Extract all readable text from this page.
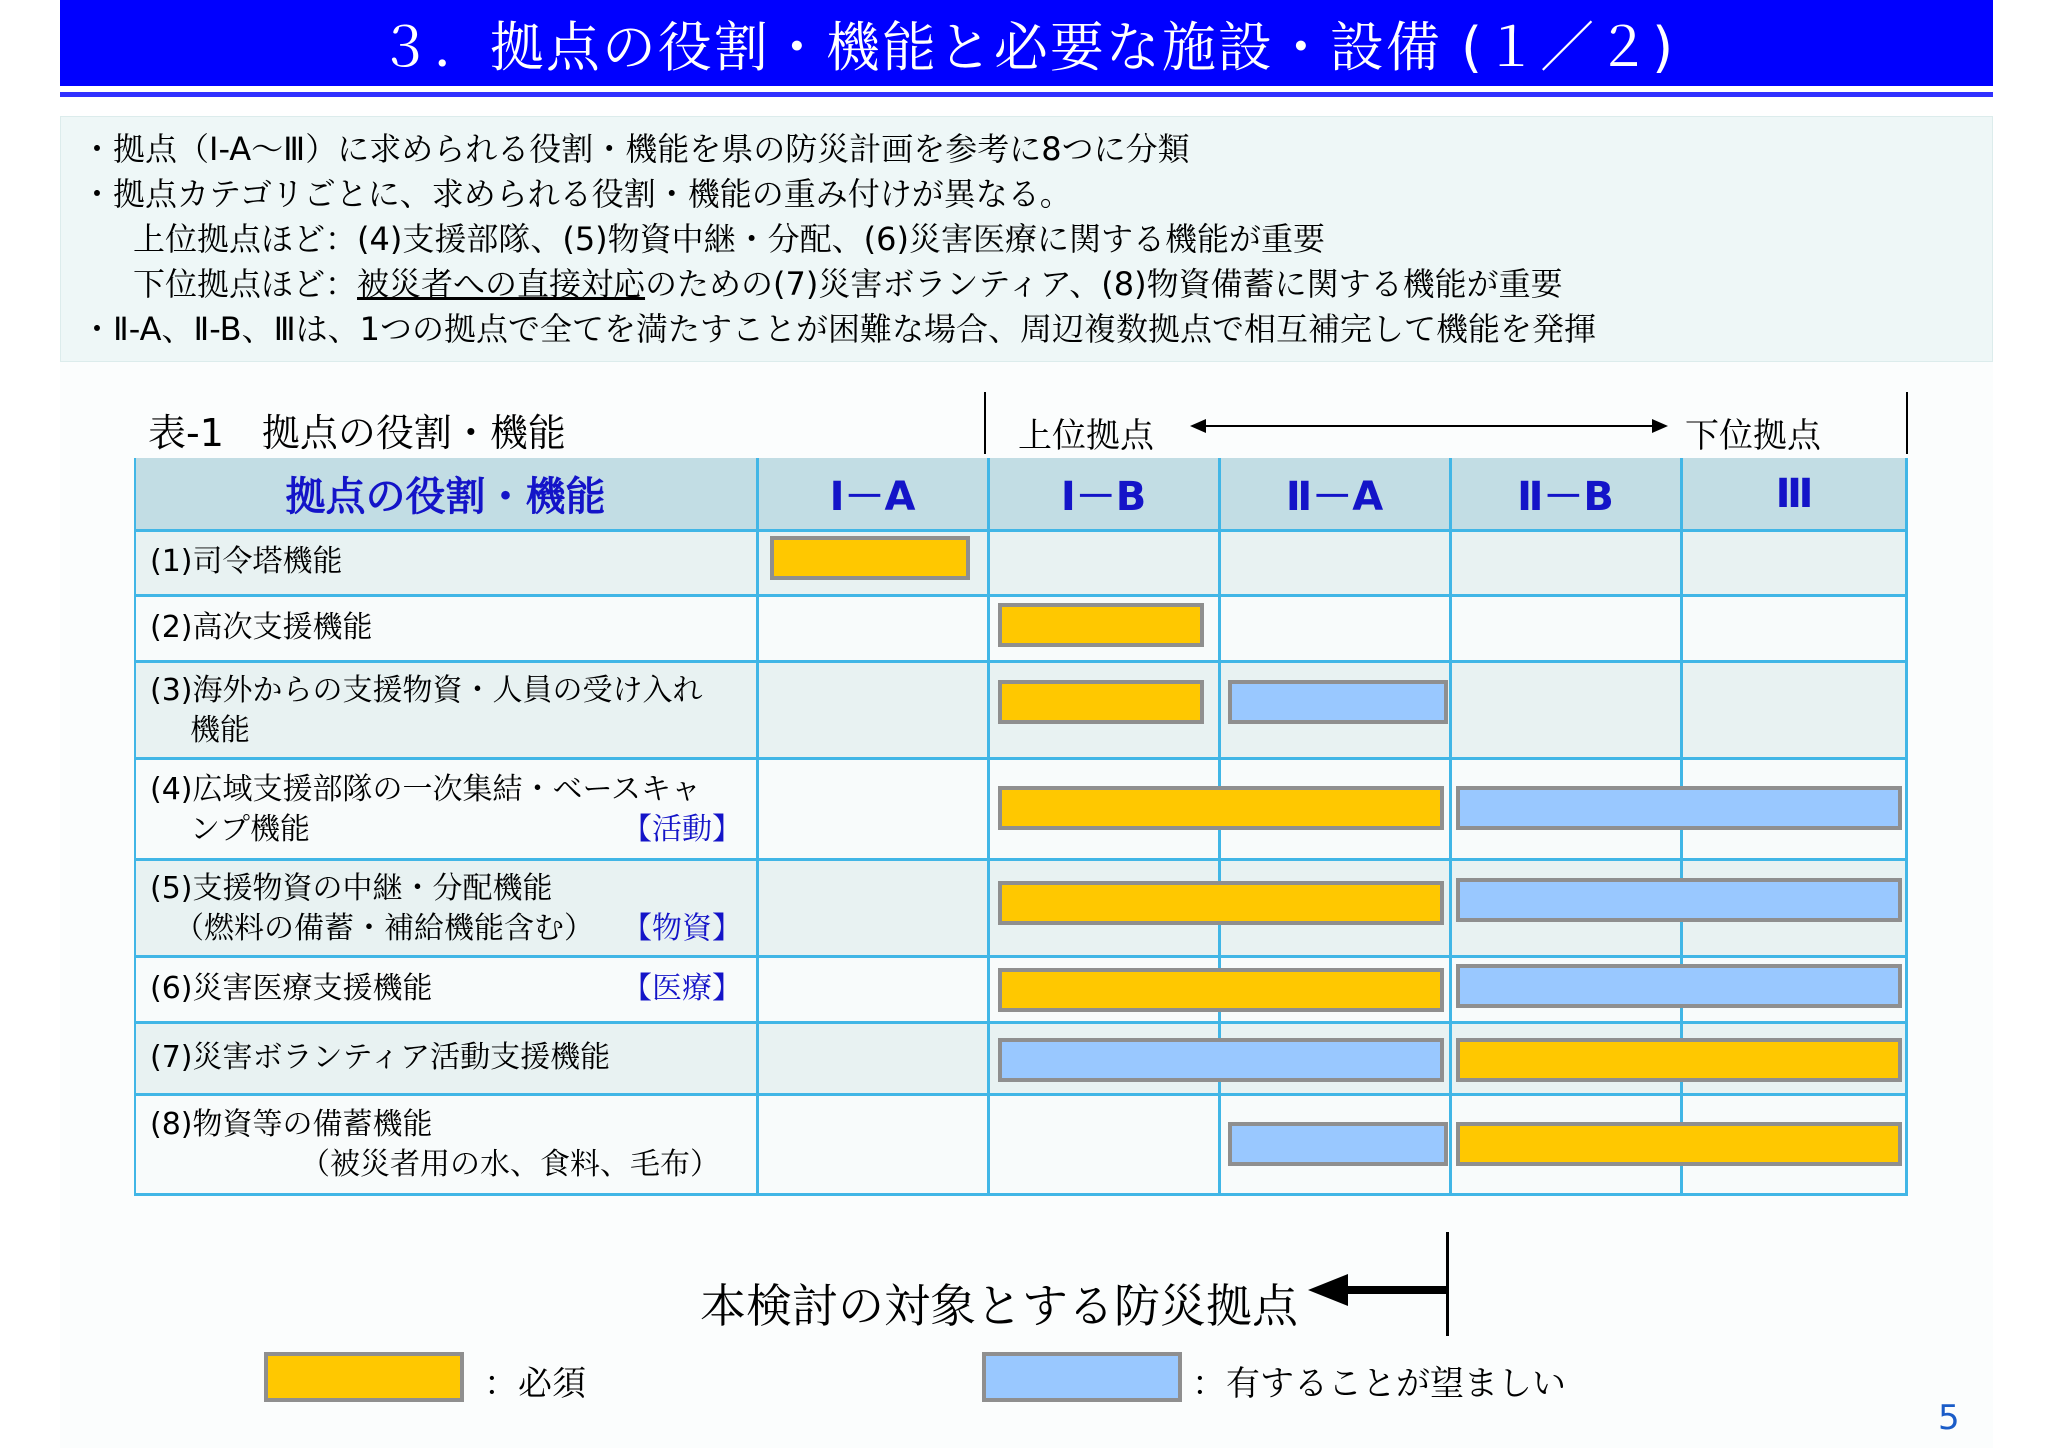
３．拠点の役割・機能と必要な施設・設備 (１／２)
・拠点（Ⅰ-A～Ⅲ）に求められる役割・機能を県の防災計画を参考に8つに分類
・拠点カテゴリごとに、求められる役割・機能の重み付けが異なる。
上位拠点ほど：(4)支援部隊、(5)物資中継・分配、(6)災害医療に関する機能が重要
下位拠点ほど：被災者への直接対応のための(7)災害ボランティア、(8)物資備蓄に関する機能が重要
・Ⅱ-A、Ⅱ-B、Ⅲは、1つの拠点で全てを満たすことが困難な場合、周辺複数拠点で相互補完して機能を発揮
表-1　拠点の役割・機能	上位拠点	下位拠点
拠点の役割・機能	Ⅰ－A	Ⅰ－B	Ⅱ－A	Ⅱ－B	Ⅲ
(1)司令塔機能
(2)高次支援機能
(3)海外からの支援物資・人員の受け入れ
機能
(4)広域支援部隊の一次集結・ベースキャ
ンプ機能	【活動】
(5)支援物資の中継・分配機能
（燃料の備蓄・補給機能含む） 【物資】
(6)災害医療支援機能	【医療】
(7)災害ボランティア活動支援機能
(8)物資等の備蓄機能
（被災者用の水、食料、毛布）
本検討の対象とする防災拠点
：必須	：有することが望ましい
5
